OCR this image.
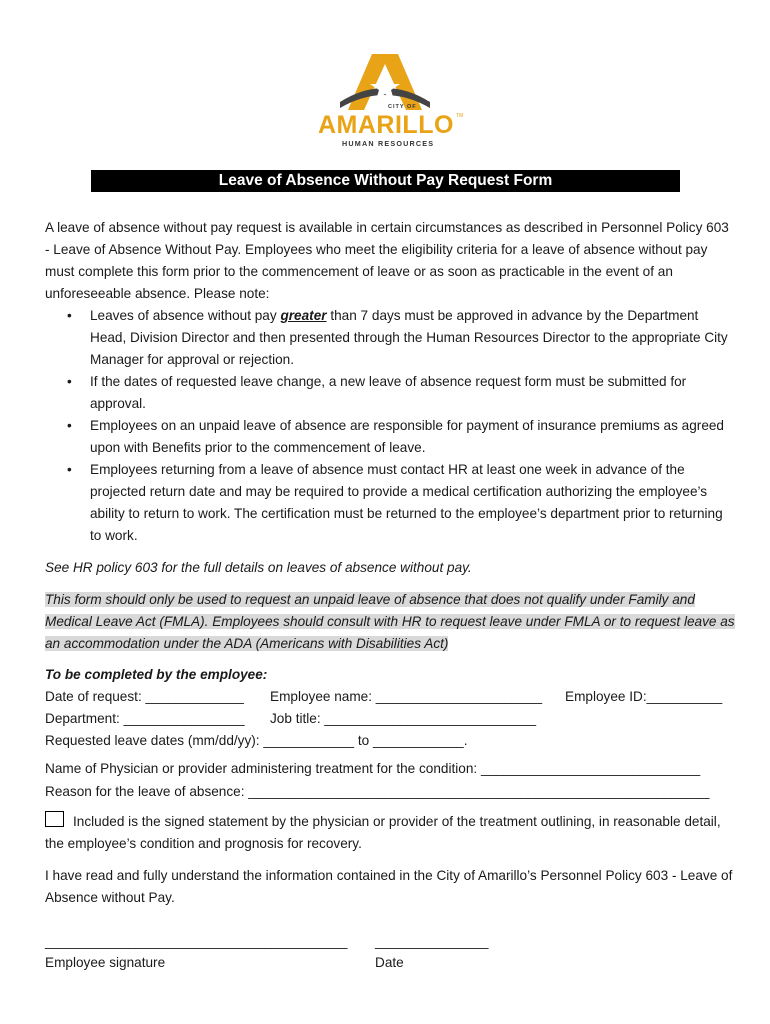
CITY OF
AMARILLO TM
HUMAN RESOURCES
Leave of Absence Without Pay Request Form

A leave of absence without pay request is available in certain circumstances as described in Personnel Policy 603 - Leave of Absence Without Pay. Employees who meet the eligibility criteria for a leave of absence without pay must complete this form prior to the commencement of leave or as soon as practicable in the event of an unforeseeable absence. Please note:

• Leaves of absence without pay greater than 7 days must be approved in advance by the Department Head, Division Director and then presented through the Human Resources Director to the appropriate City Manager for approval or rejection.
• If the dates of requested leave change, a new leave of absence request form must be submitted for approval.
• Employees on an unpaid leave of absence are responsible for payment of insurance premiums as agreed upon with Benefits prior to the commencement of leave.
• Employees returning from a leave of absence must contact HR at least one week in advance of the projected return date and may be required to provide a medical certification authorizing the employee’s ability to return to work. The certification must be returned to the employee’s department prior to returning to work.
See HR policy 603 for the full details on leaves of absence without pay.

This form should only be used to request an unpaid leave of absence that does not qualify under Family and Medical Leave Act (FMLA). Employees should consult with HR to request leave under FMLA or to request leave as an accommodation under the ADA (Americans with Disabilities Act)

To be completed by the employee:
Date of request: _____________ Employee name: ______________________ Employee ID:__________
Department: ________________ Job title: ____________________________
Requested leave dates (mm/dd/yy): ____________ to ____________.
Name of Physician or provider administering treatment for the condition: _____________________________
Reason for the leave of absence: _____________________________________________________________

Included is the signed statement by the physician or provider of the treatment outlining, in reasonable detail, the employee’s condition and prognosis for recovery.

I have read and fully understand the information contained in the City of Amarillo’s Personnel Policy 603 - Leave of Absence without Pay.

________________________________________ _______________
Employee signature	Date
